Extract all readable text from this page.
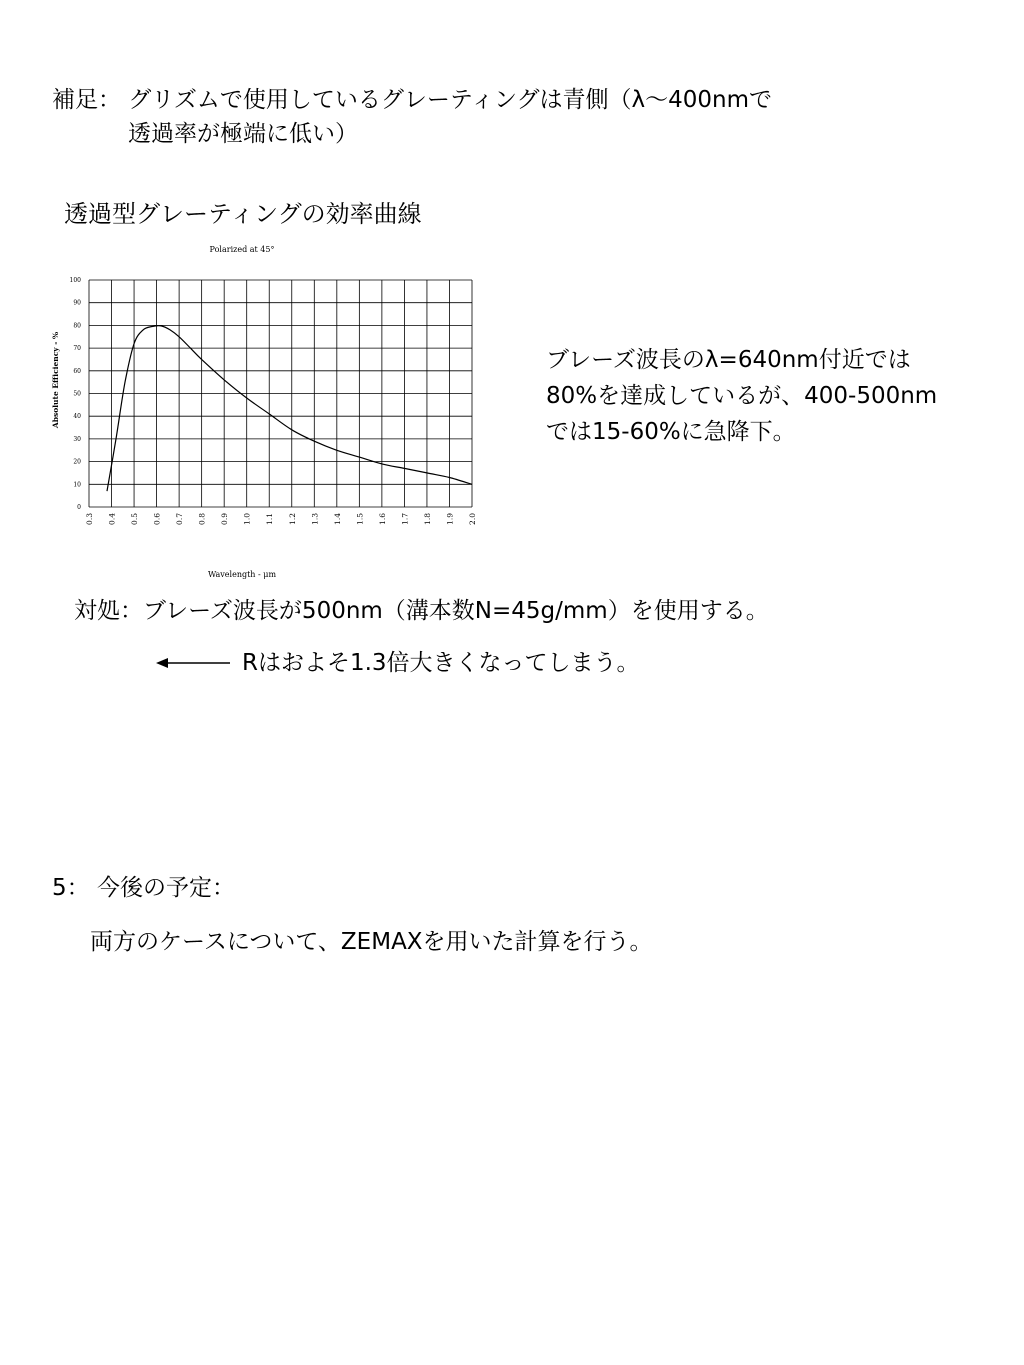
補足： グリズムで使用しているグレーティングは青側（λ～400nmで
透過率が極端に低い）
透過型グレーティングの効率曲線
Polarized at 45°
0
10
20
30
40
50
60
70
80
90
100
0.3 0.4 0.5 0.6 0.7 0.8 0.9 1.0 1.1 1.2 1.3 1.4 1.5 1.6 1.7 1.8 1.9 2.0
Absolute Efficiency - %
Wavelength - μm
ブレーズ波長のλ=640nm付近では
80%を達成しているが、400-500nm
では15-60%に急降下。
対処：ブレーズ波長が500nm（溝本数N=45g/mm）を使用する。
Rはおよそ1.3倍大きくなってしまう。
5： 今後の予定：
両方のケースについて、ZEMAXを用いた計算を行う。
